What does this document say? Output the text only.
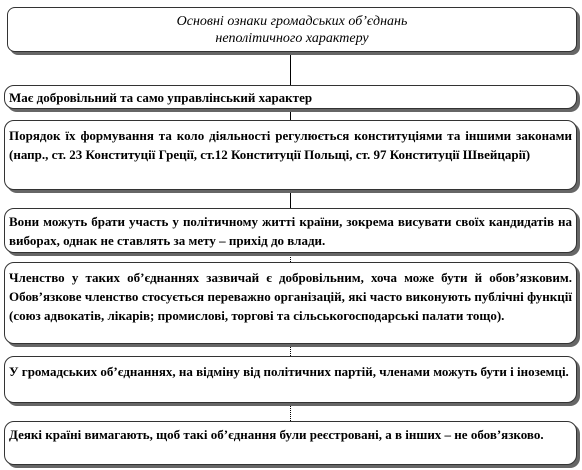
Основні ознаки громадських об’єднань
неполітичного характеру
Має добровільний та само управлінський характер
Порядок їх формування та коло діяльності регулюється конституціями та іншими законами (напр., ст. 23 Конституції Греції, ст.12 Конституції Польщі, ст. 97 Конституції Швейцарії)
Вони можуть брати участь у політичному житті країни, зокрема висувати своїх кандидатів на виборах, однак не ставлять за мету – прихід до влади.
Членство у таких об’єднаннях зазвичай є добровільним, хоча може бути й обов’язковим. Обов’язкове членство стосується переважно організацій, які часто виконують публічні функції (союз адвокатів, лікарів; промислові, торгові та сільськогосподарські палати тощо).
У громадських об’єднаннях, на відміну від політичних партій, членами можуть бути і іноземці.
Деякі країні вимагають, щоб такі об’єднання були реєстровані, а в інших – не обов’язково.
